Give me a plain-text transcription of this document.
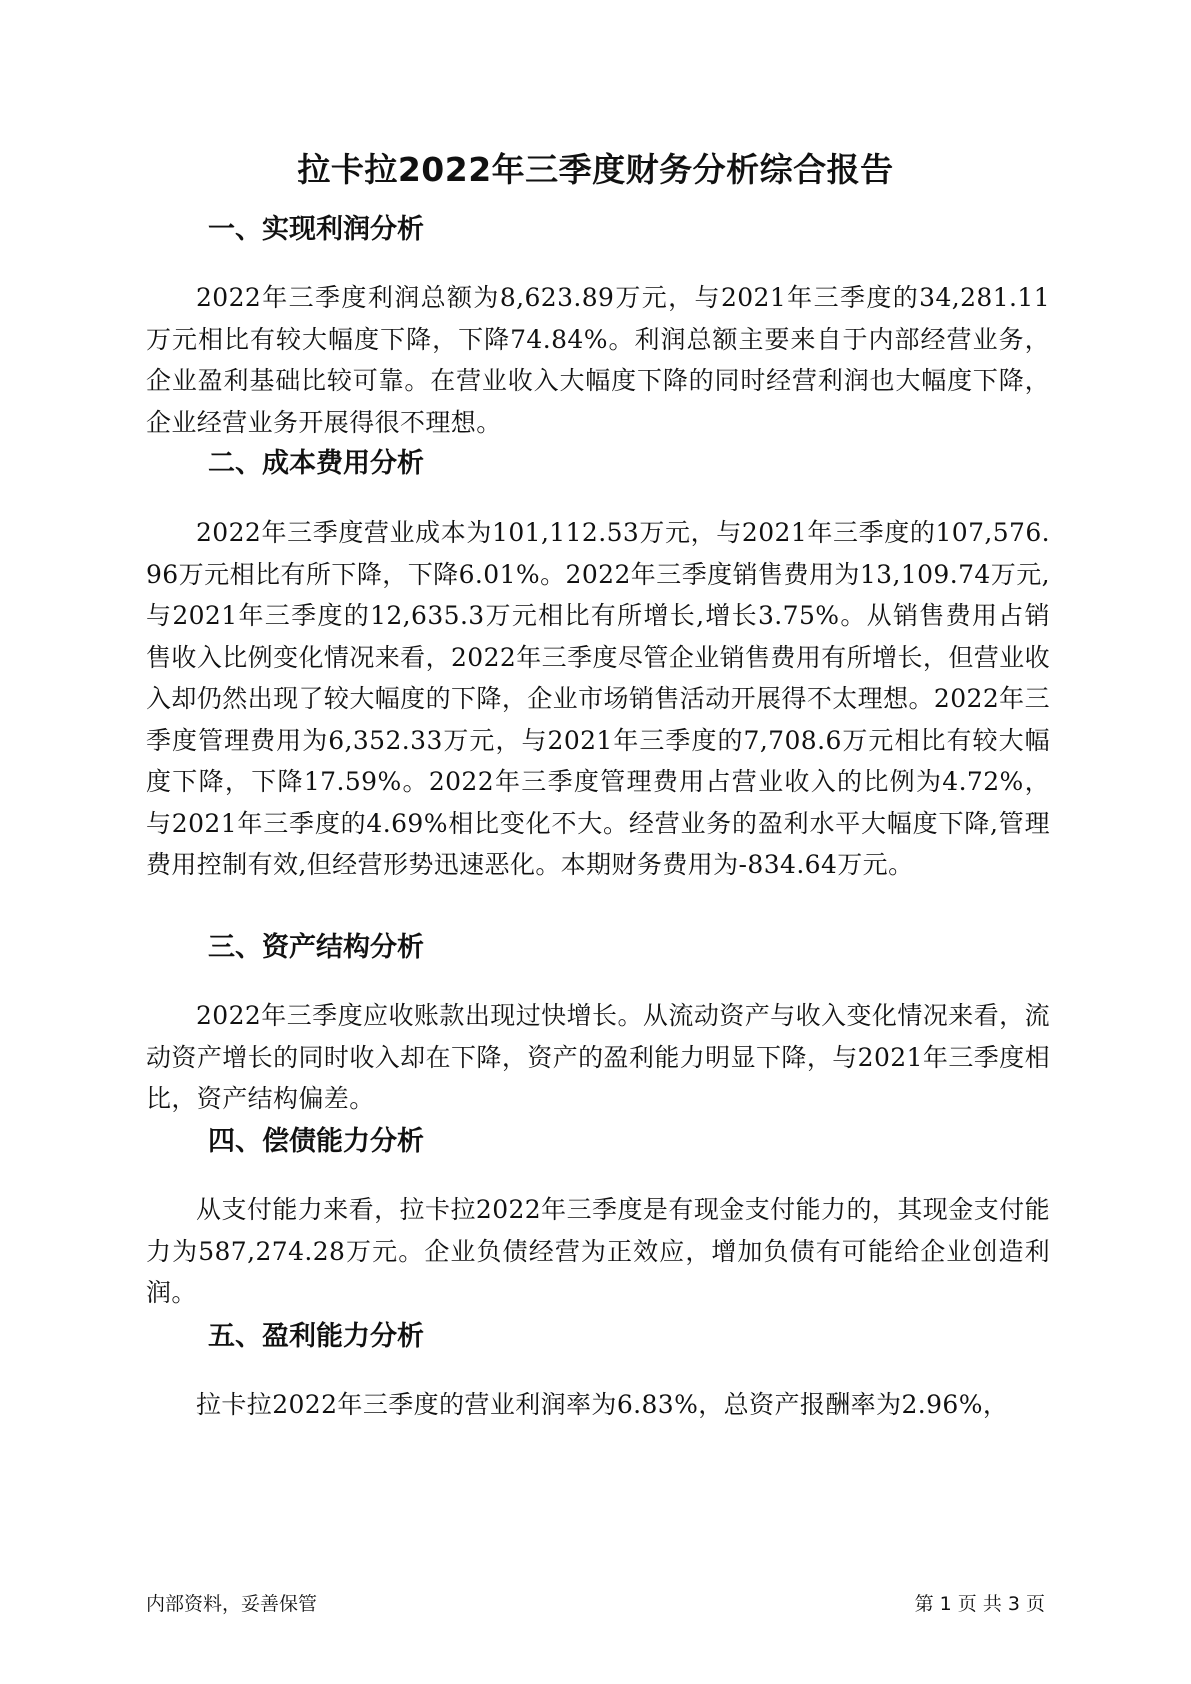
拉卡拉2022年三季度财务分析综合报告
一、实现利润分析

2022年三季度利润总额为8,623.89万元，与2021年三季度的34,281.11万元相比有较大幅度下降，下降74.84%。利润总额主要来自于内部经营业务，企业盈利基础比较可靠。在营业收入大幅度下降的同时经营利润也大幅度下降，企业经营业务开展得很不理想。

二、成本费用分析

2022年三季度营业成本为101,112.53万元，与2021年三季度的107,576.96万元相比有所下降，下降6.01%。2022年三季度销售费用为13,109.74万元,与2021年三季度的12,635.3万元相比有所增长,增长3.75%。从销售费用占销售收入比例变化情况来看，2022年三季度尽管企业销售费用有所增长，但营业收入却仍然出现了较大幅度的下降，企业市场销售活动开展得不太理想。2022年三季度管理费用为6,352.33万元，与2021年三季度的7,708.6万元相比有较大幅度下降，下降17.59%。2022年三季度管理费用占营业收入的比例为4.72%，与2021年三季度的4.69%相比变化不大。经营业务的盈利水平大幅度下降,管理费用控制有效,但经营形势迅速恶化。本期财务费用为-834.64万元。

三、资产结构分析

2022年三季度应收账款出现过快增长。从流动资产与收入变化情况来看，流动资产增长的同时收入却在下降，资产的盈利能力明显下降，与2021年三季度相比，资产结构偏差。

四、偿债能力分析

从支付能力来看，拉卡拉2022年三季度是有现金支付能力的，其现金支付能力为587,274.28万元。企业负债经营为正效应，增加负债有可能给企业创造利润。

五、盈利能力分析

拉卡拉2022年三季度的营业利润率为6.83%，总资产报酬率为2.96%，

内部资料，妥善保管	第 1 页 共 3 页
